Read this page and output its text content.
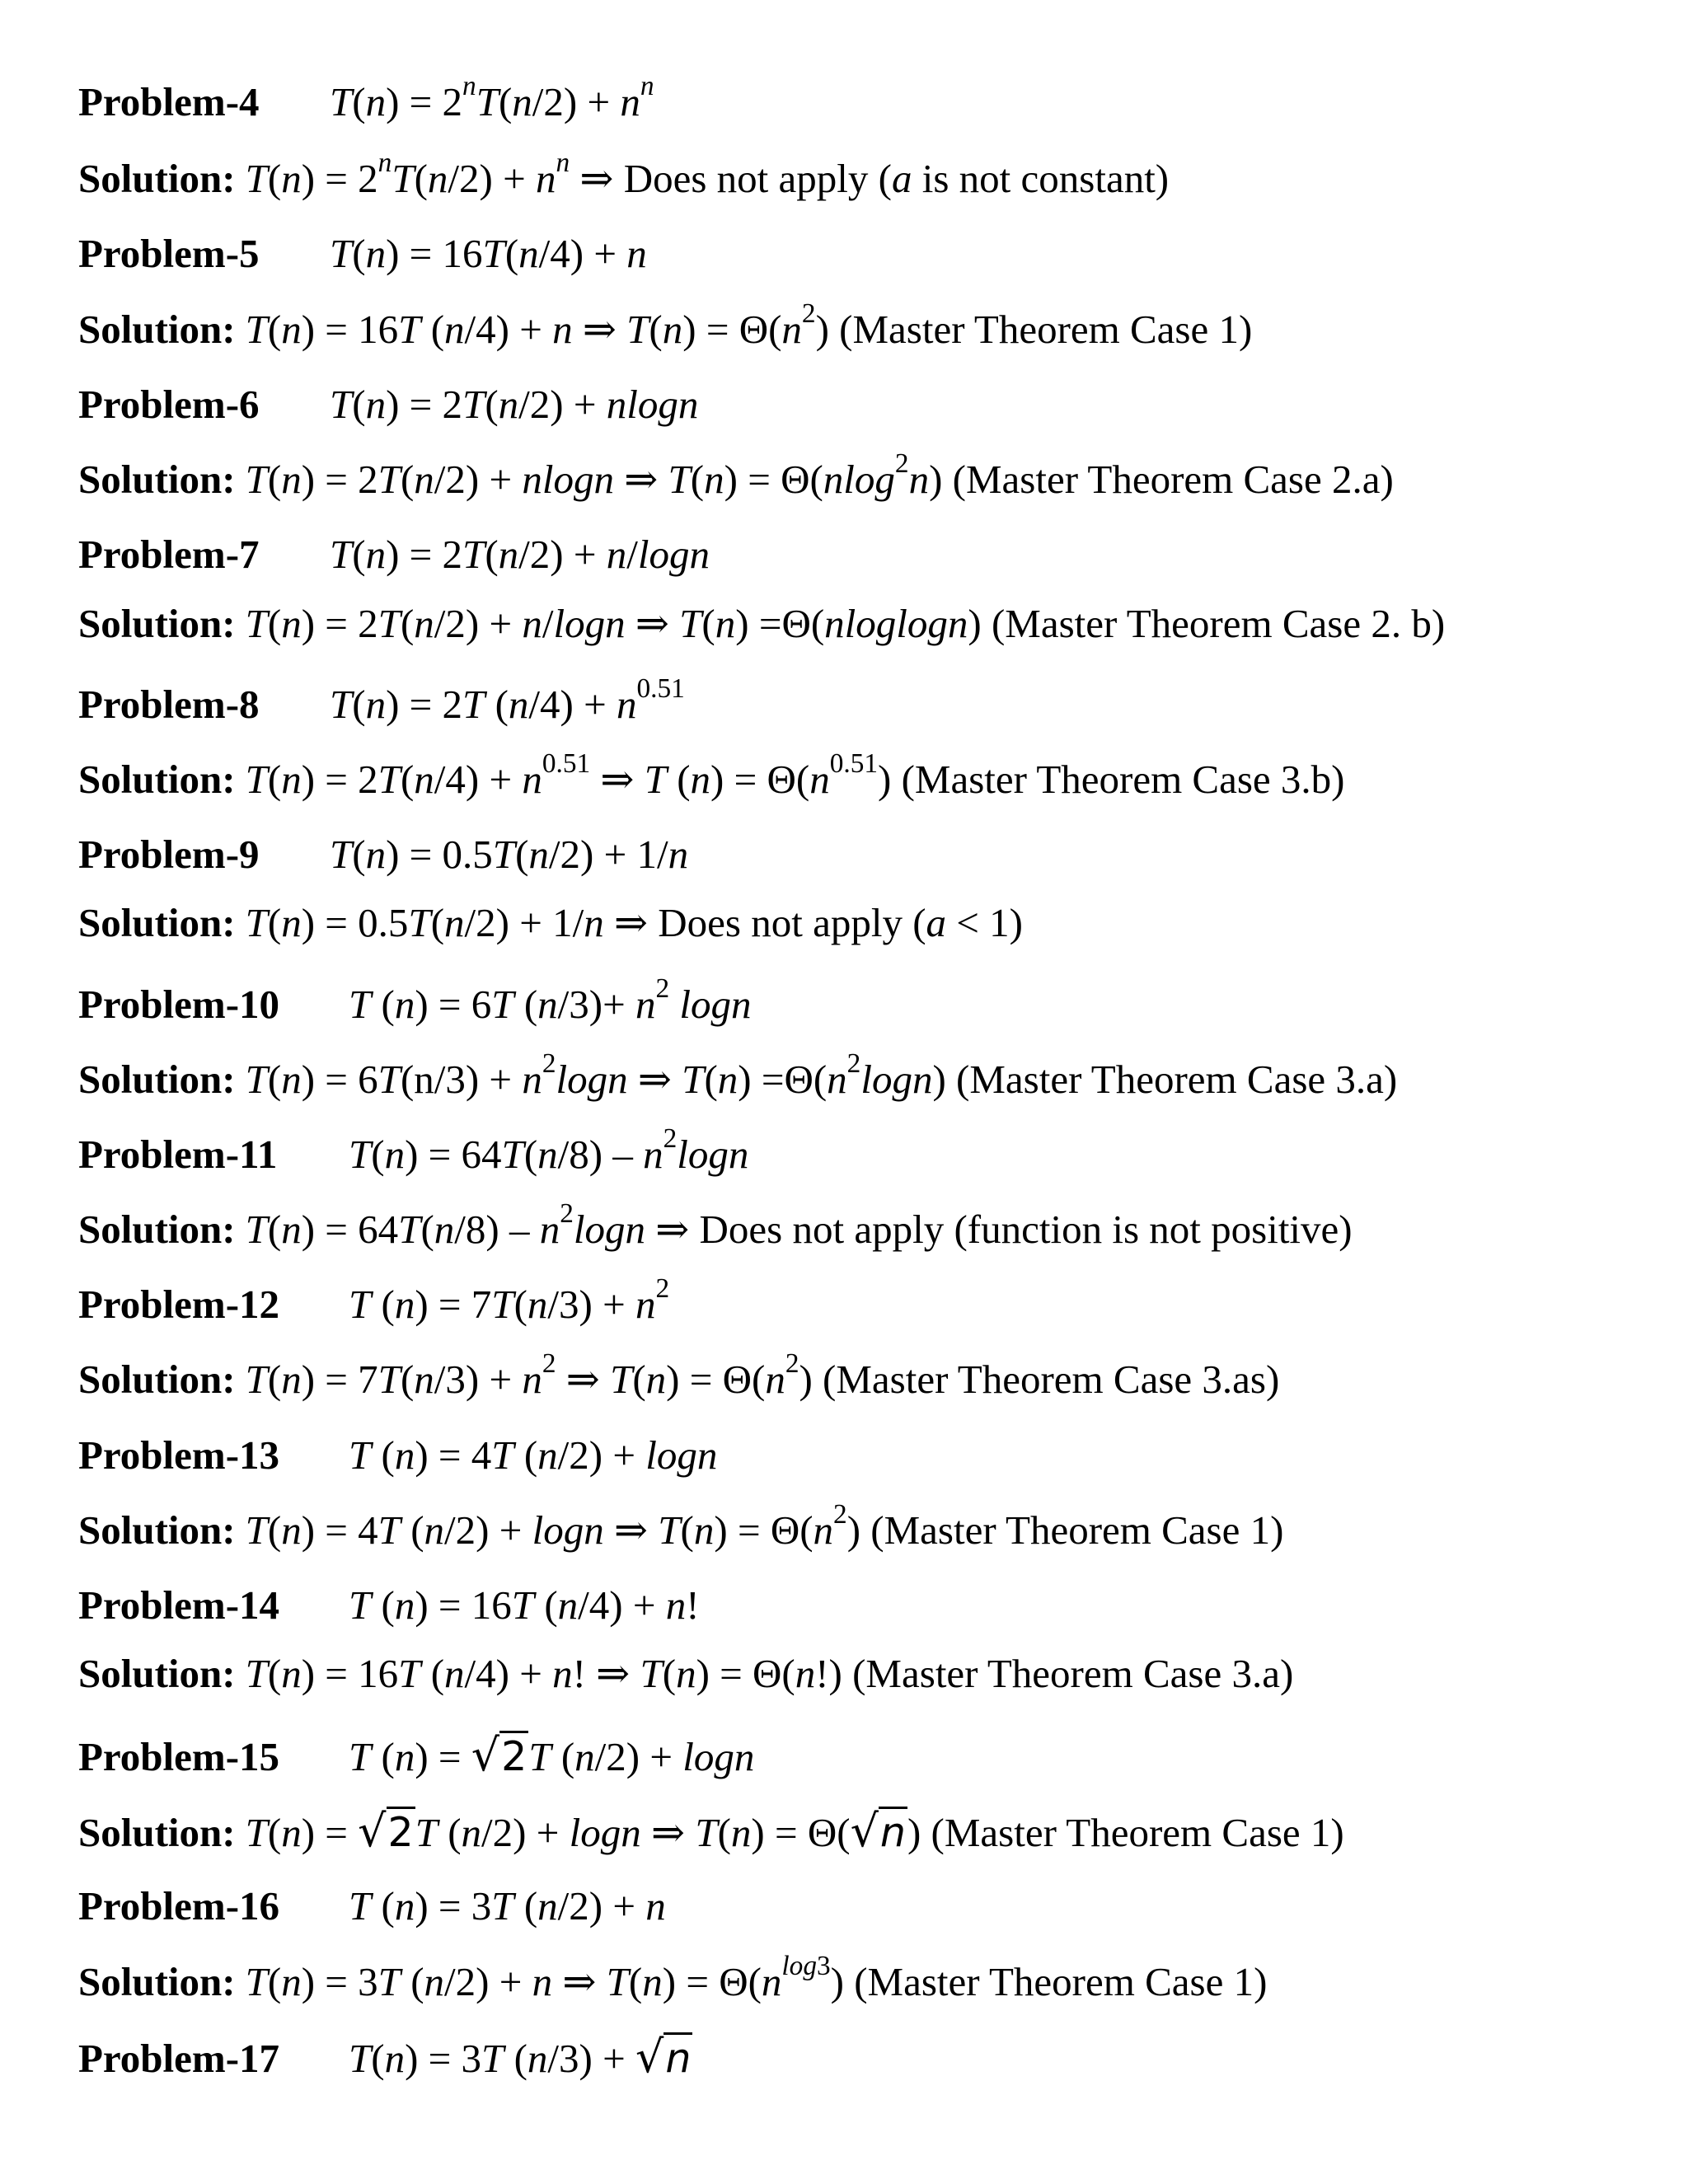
Problem-4 $T(n) = 2^nT(n/2) + n^n$
Solution: $T(n) = 2^nT(n/2) + n^n$ ⇒ Does not apply (a is not constant)
Problem-5 T(n) = 16T(n/4) + n
Solution: T(n) = 16T (n/4) + n ⇒ $T(n) = \Theta(n^2)$ (Master Theorem Case 1)
Problem-6 T(n) = 2T(n/2) + nlogn
Solution: T(n) = 2T(n/2) + nlogn ⇒ T(n) = Θ(nlog$^2$n) (Master Theorem Case 2.a)
Problem-7 T(n) = 2T(n/2) + n/logn
Solution: T(n) = 2T(n/2) + n/logn ⇒ T(n) =Θ(nloglogn) (Master Theorem Case 2. b)
Problem-8 T(n) = 2T $(n/4) + n^{0.51}$
Solution: $T(n) = 2T(n/4) + n^{0.51}$ ⇒ T $(n) = \Theta(n^{0.51})$ (Master Theorem Case 3.b)
Problem-9 T(n) = 0.5T(n/2) + 1/n
Solution: T(n) = 0.5T(n/2) + 1/n ⇒ Does not apply (a < 1)
Problem-10 T (n) = 6T $(n/3)+ n^2$ logn
Solution: $T(n) = 6T(n/3) + n^2\log n$ ⇒ $T(n) =\Theta(n^2\log n)$ (Master Theorem Case 3.a)
Problem-11 $T(n) = 64T(n/8) - n^2\log n$
Solution: $T(n) = 64T(n/8) - n^2\log n$ ⇒ Does not apply (function is not positive)
Problem-12 T $(n) = 7T(n/3) + n^2$
Solution: $T(n) = 7T(n/3) + n^2$ ⇒ $T(n) = \Theta(n^2)$ (Master Theorem Case 3.as)
Problem-13 T (n) = 4T (n/2) + logn
Solution: T(n) = 4T (n/2) + logn ⇒ $T(n) = \Theta(n^2)$ (Master Theorem Case 1)
Problem-14 T (n) = 16T (n/4) + n!
Solution: T(n) = 16T (n/4) + n! ⇒ T(n) = Θ(n!) (Master Theorem Case 3.a)
Problem-15 T (n) = √2T (n/2) + logn
Solution: T(n) = √2T (n/2) + logn ⇒ T(n) = Θ(√n) (Master Theorem Case 1)
Problem-16 T (n) = 3T (n/2) + n
Solution: T(n) = 3T (n/2) + n ⇒ $T(n) = \Theta(n^{log3})$ (Master Theorem Case 1)
Problem-17 T(n) = 3T (n/3) + √n
